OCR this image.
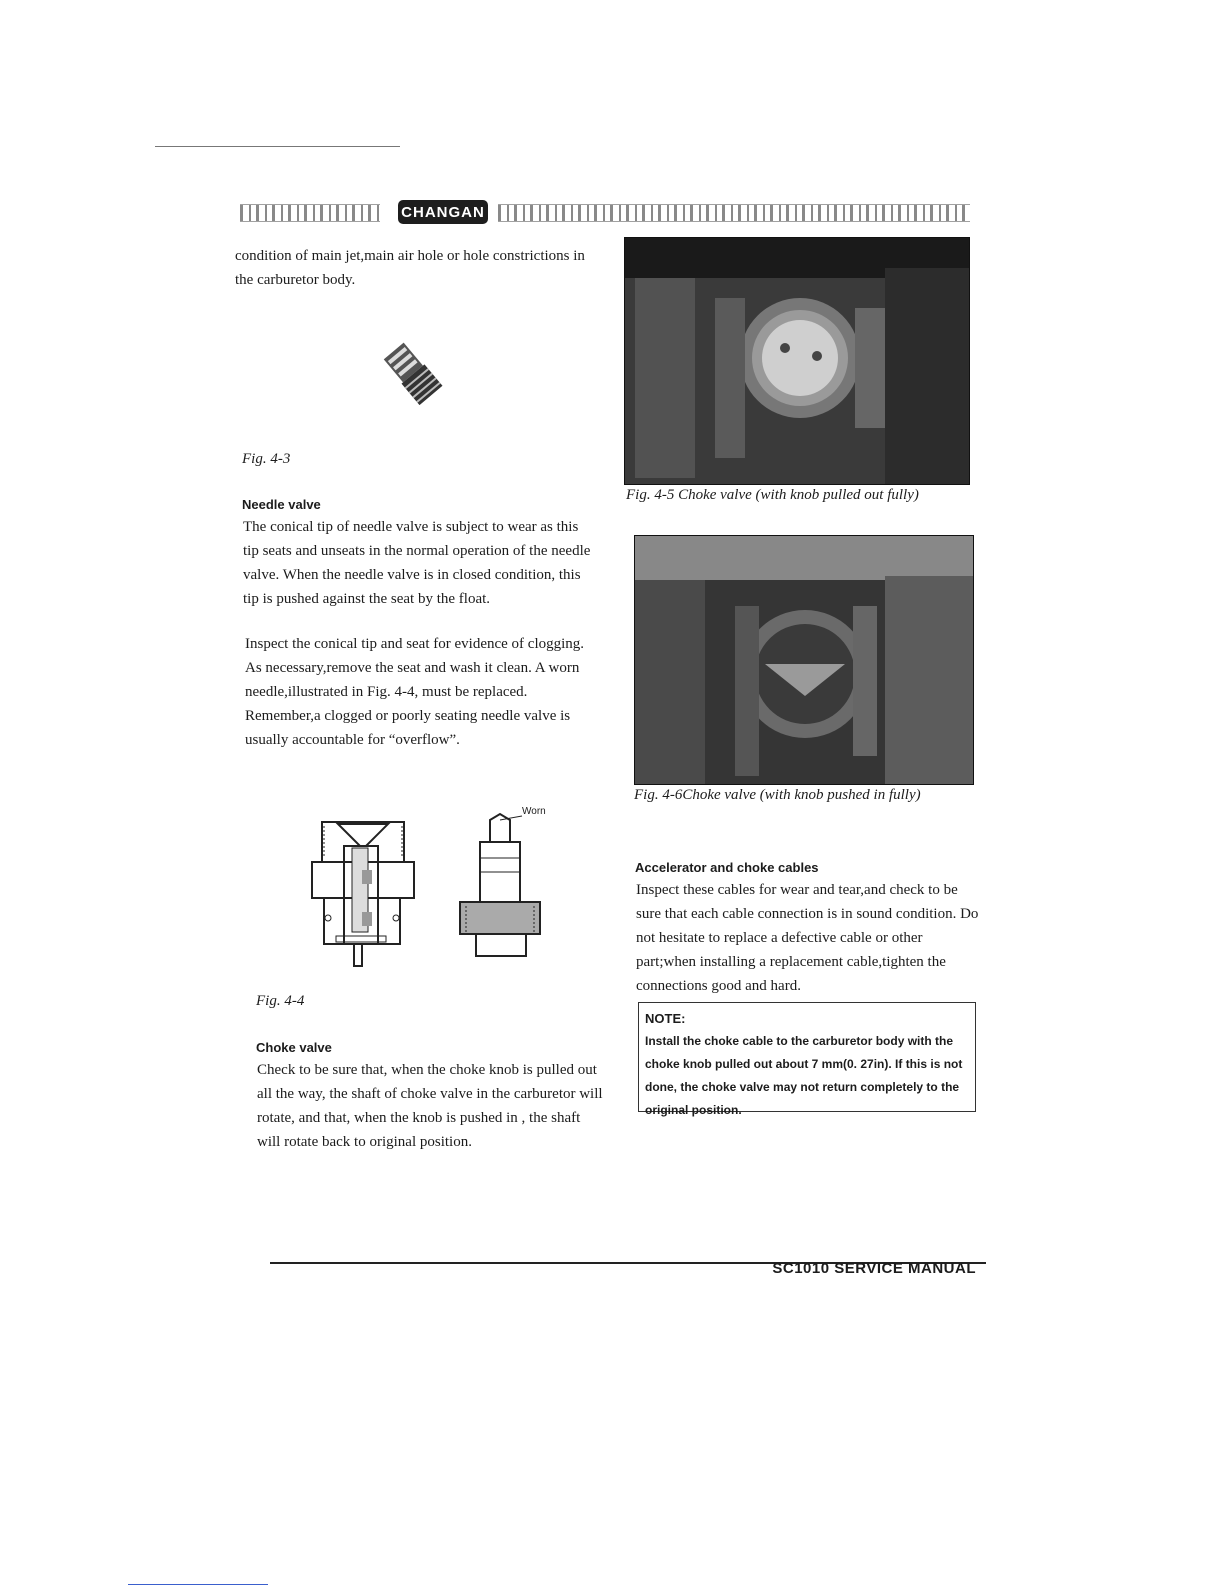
CHANGAN
condition of main jet,main air hole or hole constrictions in the carburetor body.
Fig. 4-3
Needle valve
The conical tip of needle valve is subject to wear as this tip seats and unseats in the normal operation of the needle valve. When the needle valve is in closed condition, this tip is pushed against the seat by the float.
Inspect the conical tip and seat for evidence of clogging. As necessary,remove the seat and wash it clean. A worn needle,illustrated in Fig. 4-4, must be replaced. Remember,a clogged or poorly seating needle valve is usually accountable for “overflow”.
Worn
Fig. 4-4
Choke valve
Check to be sure that, when the choke knob is pulled out all the way, the shaft of choke valve in the carburetor will rotate, and that, when the knob is pushed in , the shaft will rotate back to original position.
Fig. 4-5 Choke valve (with knob pulled out fully)
Fig. 4-6Choke valve (with knob pushed in fully)
Accelerator and choke cables
Inspect these cables for wear and tear,and check to be sure that each cable connection is in sound condition. Do not hesitate to replace a defective cable or other part;when installing a replacement cable,tighten the connections good and hard.
NOTE:
Install the choke cable to the carburetor body with the choke knob pulled out about 7 mm(0. 27in). If this is not done, the choke valve may not return completely to the original position.
SC1010 SERVICE MANUAL
